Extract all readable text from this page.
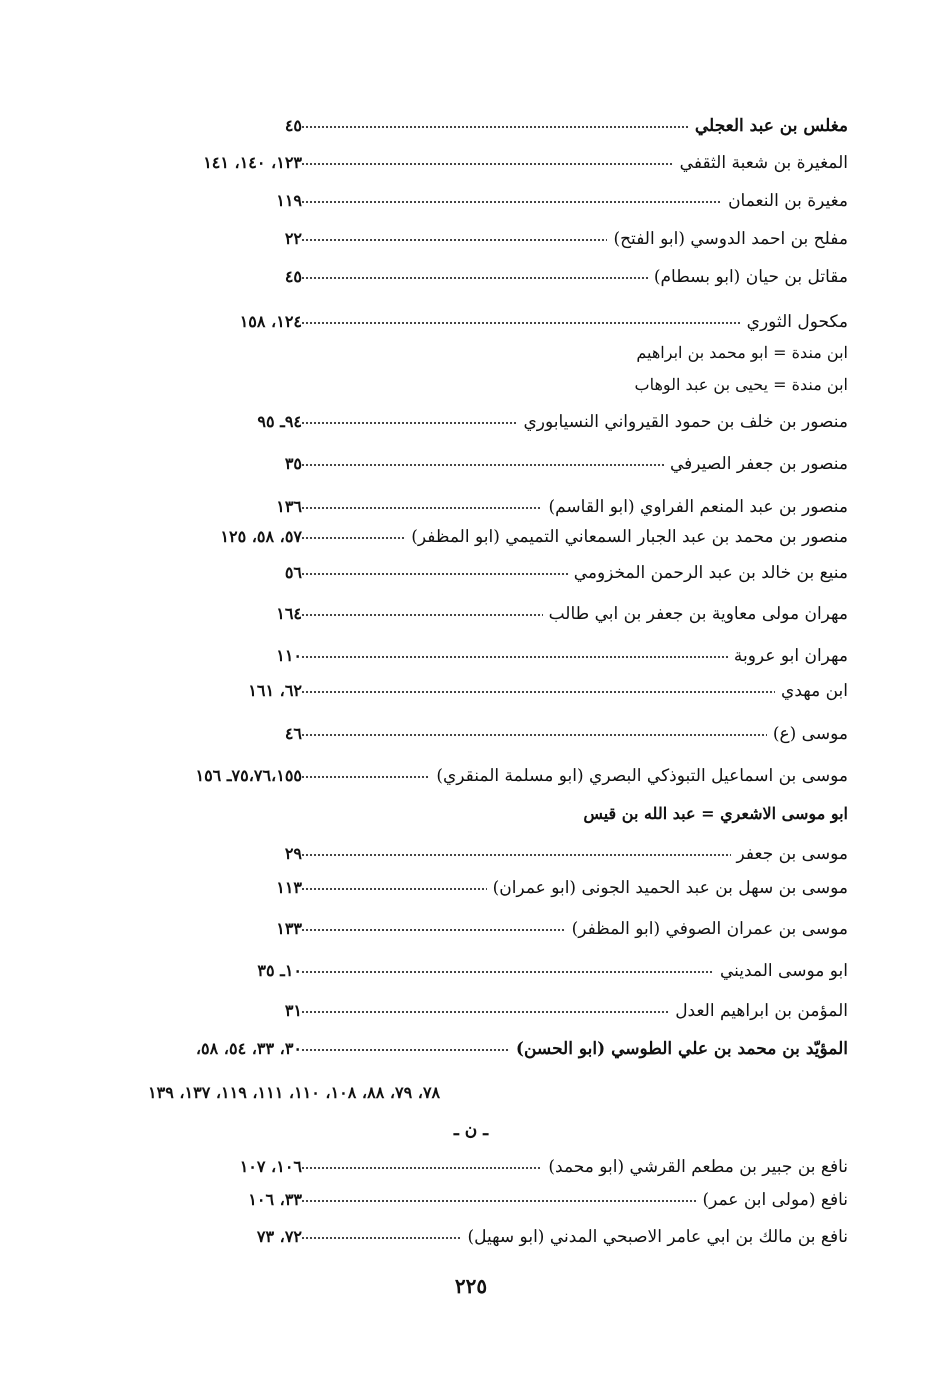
مغلس بن عبد العجلي
٤٥
المغيرة بن شعبة الثقفي
١٢٣، ١٤٠، ١٤١
مغيرة بن النعمان
١١٩
مفلح بن احمد الدوسي (ابو الفتح)
٢٢
مقاتل بن حيان (ابو بسطام)
٤٥
مكحول الثوري
١٢٤، ١٥٨
ابن مندة = ابو محمد بن ابراهيم
ابن مندة = يحيى بن عبد الوهاب
منصور بن خلف بن حمود القيرواني النسيابوري
٩٤ـ ٩٥
منصور بن جعفر الصيرفي
٣٥
منصور بن عبد المنعم الفراوي (ابو القاسم)
١٣٦
منصور بن محمد بن عبد الجبار السمعاني التميمي (ابو المظفر)
٥٧، ٥٨، ١٢٥
منيع بن خالد بن عبد الرحمن المخزومي
٥٦
مهران مولى معاوية بن جعفر بن ابي طالب
١٦٤
مهران ابو عروبة
١١٠
ابن مهدي
٦٢، ١٦١
موسى (ع)
٤٦
موسى بن اسماعيل التبوذكي البصري (ابو مسلمة المنقري)
٧٥،٧٦،١٥٥ـ ١٥٦
ابو موسى الاشعري = عبد الله بن قيس
موسى بن جعفر
٢٩
موسى بن سهل بن عبد الحميد الجونى (ابو عمران)
١١٣
موسى بن عمران الصوفي (ابو المظفر)
١٣٣
ابو موسى المديني
١٠ـ ٣٥
المؤمن بن ابراهيم العدل
٣١
المؤيّد بن محمد بن علي الطوسي (ابو الحسن)
٣٠، ٣٣، ٥٤، ٥٨،
٧٨، ٧٩، ٨٨، ١٠٨، ١١٠، ١١١، ١١٩، ١٣٧، ١٣٩
ـ ن ـ
نافع بن جبير بن مطعم القرشي (ابو محمد)
١٠٦، ١٠٧
نافع (مولى ابن عمر)
٣٣، ١٠٦
نافع بن مالك بن ابي عامر الاصبحي المدني (ابو سهيل)
٧٢، ٧٣
٢٢٥
